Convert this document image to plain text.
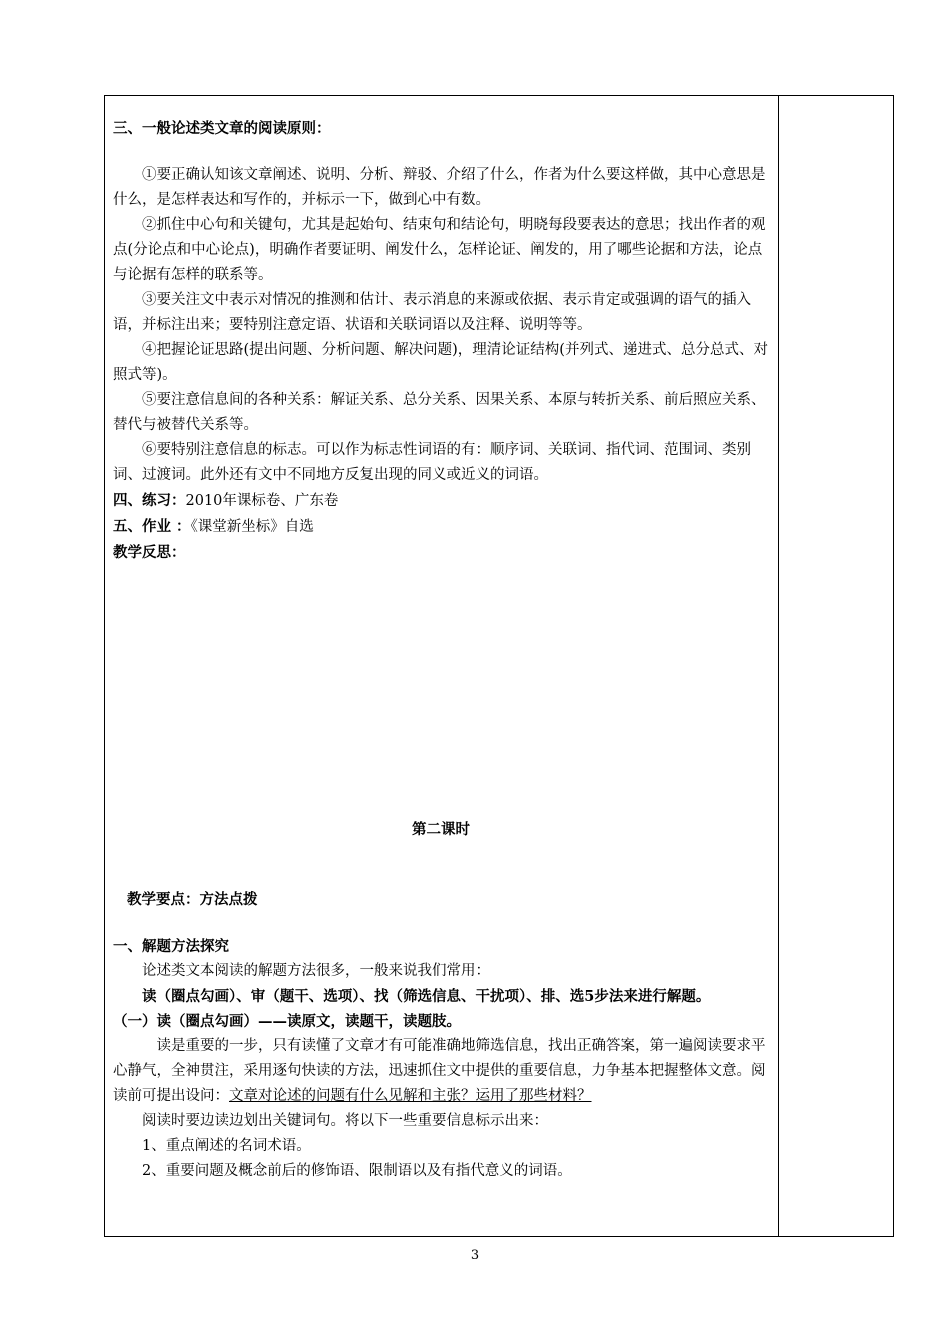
三、一般论述类文章的阅读原则：

①要正确认知该文章阐述、说明、分析、辩驳、介绍了什么，作者为什么要这样做，其中心意思是什么，是怎样表达和写作的，并标示一下，做到心中有数。

②抓住中心句和关键句，尤其是起始句、结束句和结论句，明晓每段要表达的意思；找出作者的观点(分论点和中心论点)，明确作者要证明、阐发什么，怎样论证、阐发的，用了哪些论据和方法，论点与论据有怎样的联系等。

③要关注文中表示对情况的推测和估计、表示消息的来源或依据、表示肯定或强调的语气的插入语，并标注出来；要特别注意定语、状语和关联词语以及注释、说明等等。

④把握论证思路(提出问题、分析问题、解决问题)，理清论证结构(并列式、递进式、总分总式、对照式等)。

⑤要注意信息间的各种关系：解证关系、总分关系、因果关系、本原与转折关系、前后照应关系、替代与被替代关系等。

⑥要特别注意信息的标志。可以作为标志性词语的有：顺序词、关联词、指代词、范围词、类别词、过渡词。此外还有文中不同地方反复出现的同义或近义的词语。

四、练习：2010年课标卷、广东卷

五、作业 ：《课堂新坐标》自选

教学反思：

第二课时

教学要点：方法点拨

一、解题方法探究

论述类文本阅读的解题方法很多，一般来说我们常用：

读（圈点勾画）、审（题干、选项）、找（筛选信息、干扰项）、排、选5步法来进行解题。

（一）读（圈点勾画）——读原文，读题干，读题肢。

读是重要的一步，只有读懂了文章才有可能准确地筛选信息，找出正确答案，第一遍阅读要求平心静气，全神贯注，采用逐句快读的方法，迅速抓住文中提供的重要信息，力争基本把握整体文意。阅读前可提出设问：文章对论述的问题有什么见解和主张？运用了那些材料？

阅读时要边读边划出关键词句。将以下一些重要信息标示出来：

1、重点阐述的名词术语。

2、重要问题及概念前后的修饰语、限制语以及有指代意义的词语。

3
